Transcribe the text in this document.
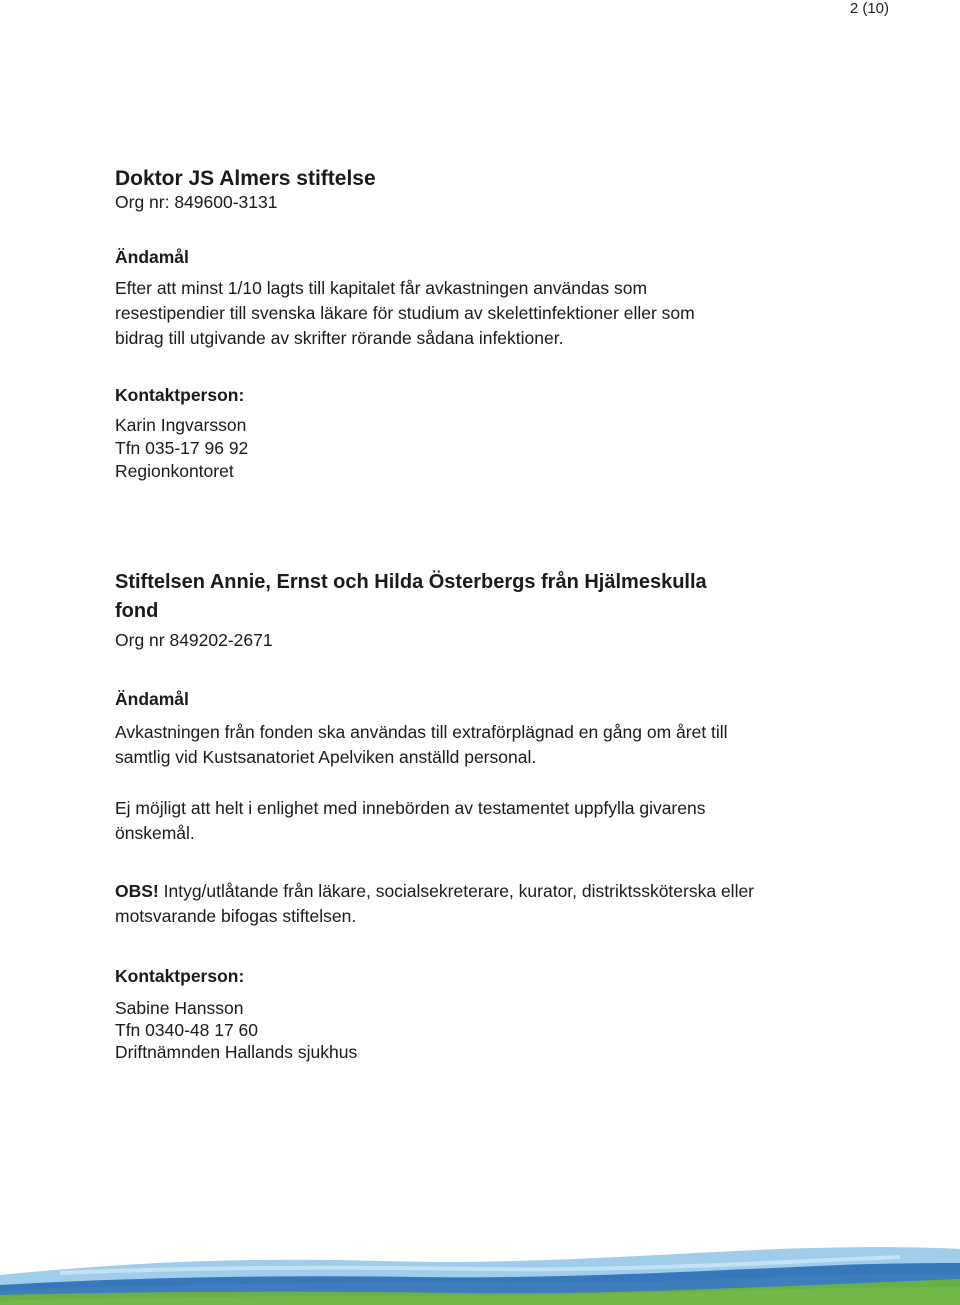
2 (10)
Doktor JS Almers stiftelse
Org nr: 849600-3131
Ändamål
Efter att minst 1/10 lagts till kapitalet får avkastningen användas som
resestipendier till svenska läkare för studium av skelettinfektioner eller som
bidrag till utgivande av skrifter rörande sådana infektioner.
Kontaktperson:
Karin Ingvarsson
Tfn 035-17 96 92
Regionkontoret
Stiftelsen Annie, Ernst och Hilda Österbergs från Hjälmeskulla
fond
Org nr 849202-2671
Ändamål
Avkastningen från fonden ska användas till extraförplägnad en gång om året till
samtlig vid Kustsanatoriet Apelviken anställd personal.
Ej möjligt att helt i enlighet med innebörden av testamentet uppfylla givarens
önskemål.
OBS! Intyg/utlåtande från läkare, socialsekreterare, kurator, distriktssköterska eller
motsvarande bifogas stiftelsen.
Kontaktperson:
Sabine Hansson
Tfn 0340-48 17 60
Driftnämnden Hallands sjukhus
